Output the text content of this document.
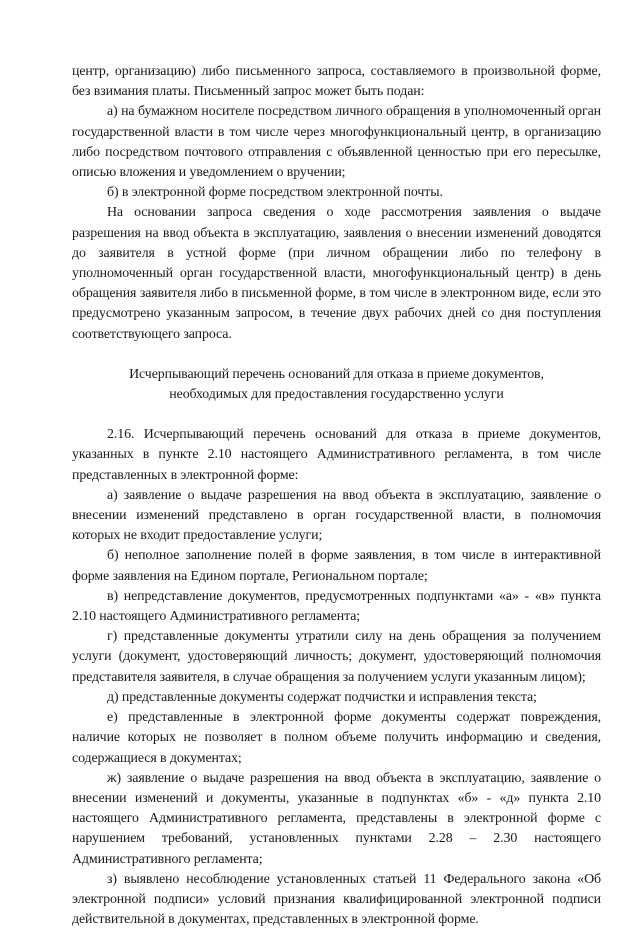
центр, организацию) либо письменного запроса, составляемого в произвольной форме, без взимания платы. Письменный запрос может быть подан:

а) на бумажном носителе посредством личного обращения в уполномоченный орган государственной власти в том числе через многофункциональный центр, в организацию либо посредством почтового отправления с объявленной ценностью при его пересылке, описью вложения и уведомлением о вручении;

б) в электронной форме посредством электронной почты.

На основании запроса сведения о ходе рассмотрения заявления о выдаче разрешения на ввод объекта в эксплуатацию, заявления о внесении изменений доводятся до заявителя в устной форме (при личном обращении либо по телефону в уполномоченный орган государственной власти, многофункциональный центр) в день обращения заявителя либо в письменной форме, в том числе в электронном виде, если это предусмотрено указанным запросом, в течение двух рабочих дней со дня поступления соответствующего запроса.

Исчерпывающий перечень оснований для отказа в приеме документов,
необходимых для предоставления государственно услуги

2.16. Исчерпывающий перечень оснований для отказа в приеме документов, указанных в пункте 2.10 настоящего Административного регламента, в том числе представленных в электронной форме:

а) заявление о выдаче разрешения на ввод объекта в эксплуатацию, заявление о внесении изменений представлено в орган государственной власти, в полномочия которых не входит предоставление услуги;

б) неполное заполнение полей в форме заявления, в том числе в интерактивной форме заявления на Едином портале, Региональном портале;

в) непредставление документов, предусмотренных подпунктами «а» - «в» пункта 2.10 настоящего Административного регламента;

г) представленные документы утратили силу на день обращения за получением услуги (документ, удостоверяющий личность; документ, удостоверяющий полномочия представителя заявителя, в случае обращения за получением услуги указанным лицом);

д) представленные документы содержат подчистки и исправления текста;

е) представленные в электронной форме документы содержат повреждения, наличие которых не позволяет в полном объеме получить информацию и сведения, содержащиеся в документах;

ж) заявление о выдаче разрешения на ввод объекта в эксплуатацию, заявление о внесении изменений и документы, указанные в подпунктах «б» - «д» пункта 2.10 настоящего Административного регламента, представлены в электронной форме с нарушением требований, установленных пунктами 2.28 – 2.30 настоящего Административного регламента;

з) выявлено несоблюдение установленных статьей 11 Федерального закона «Об электронной подписи» условий признания квалифицированной электронной подписи действительной в документах, представленных в электронной форме.
